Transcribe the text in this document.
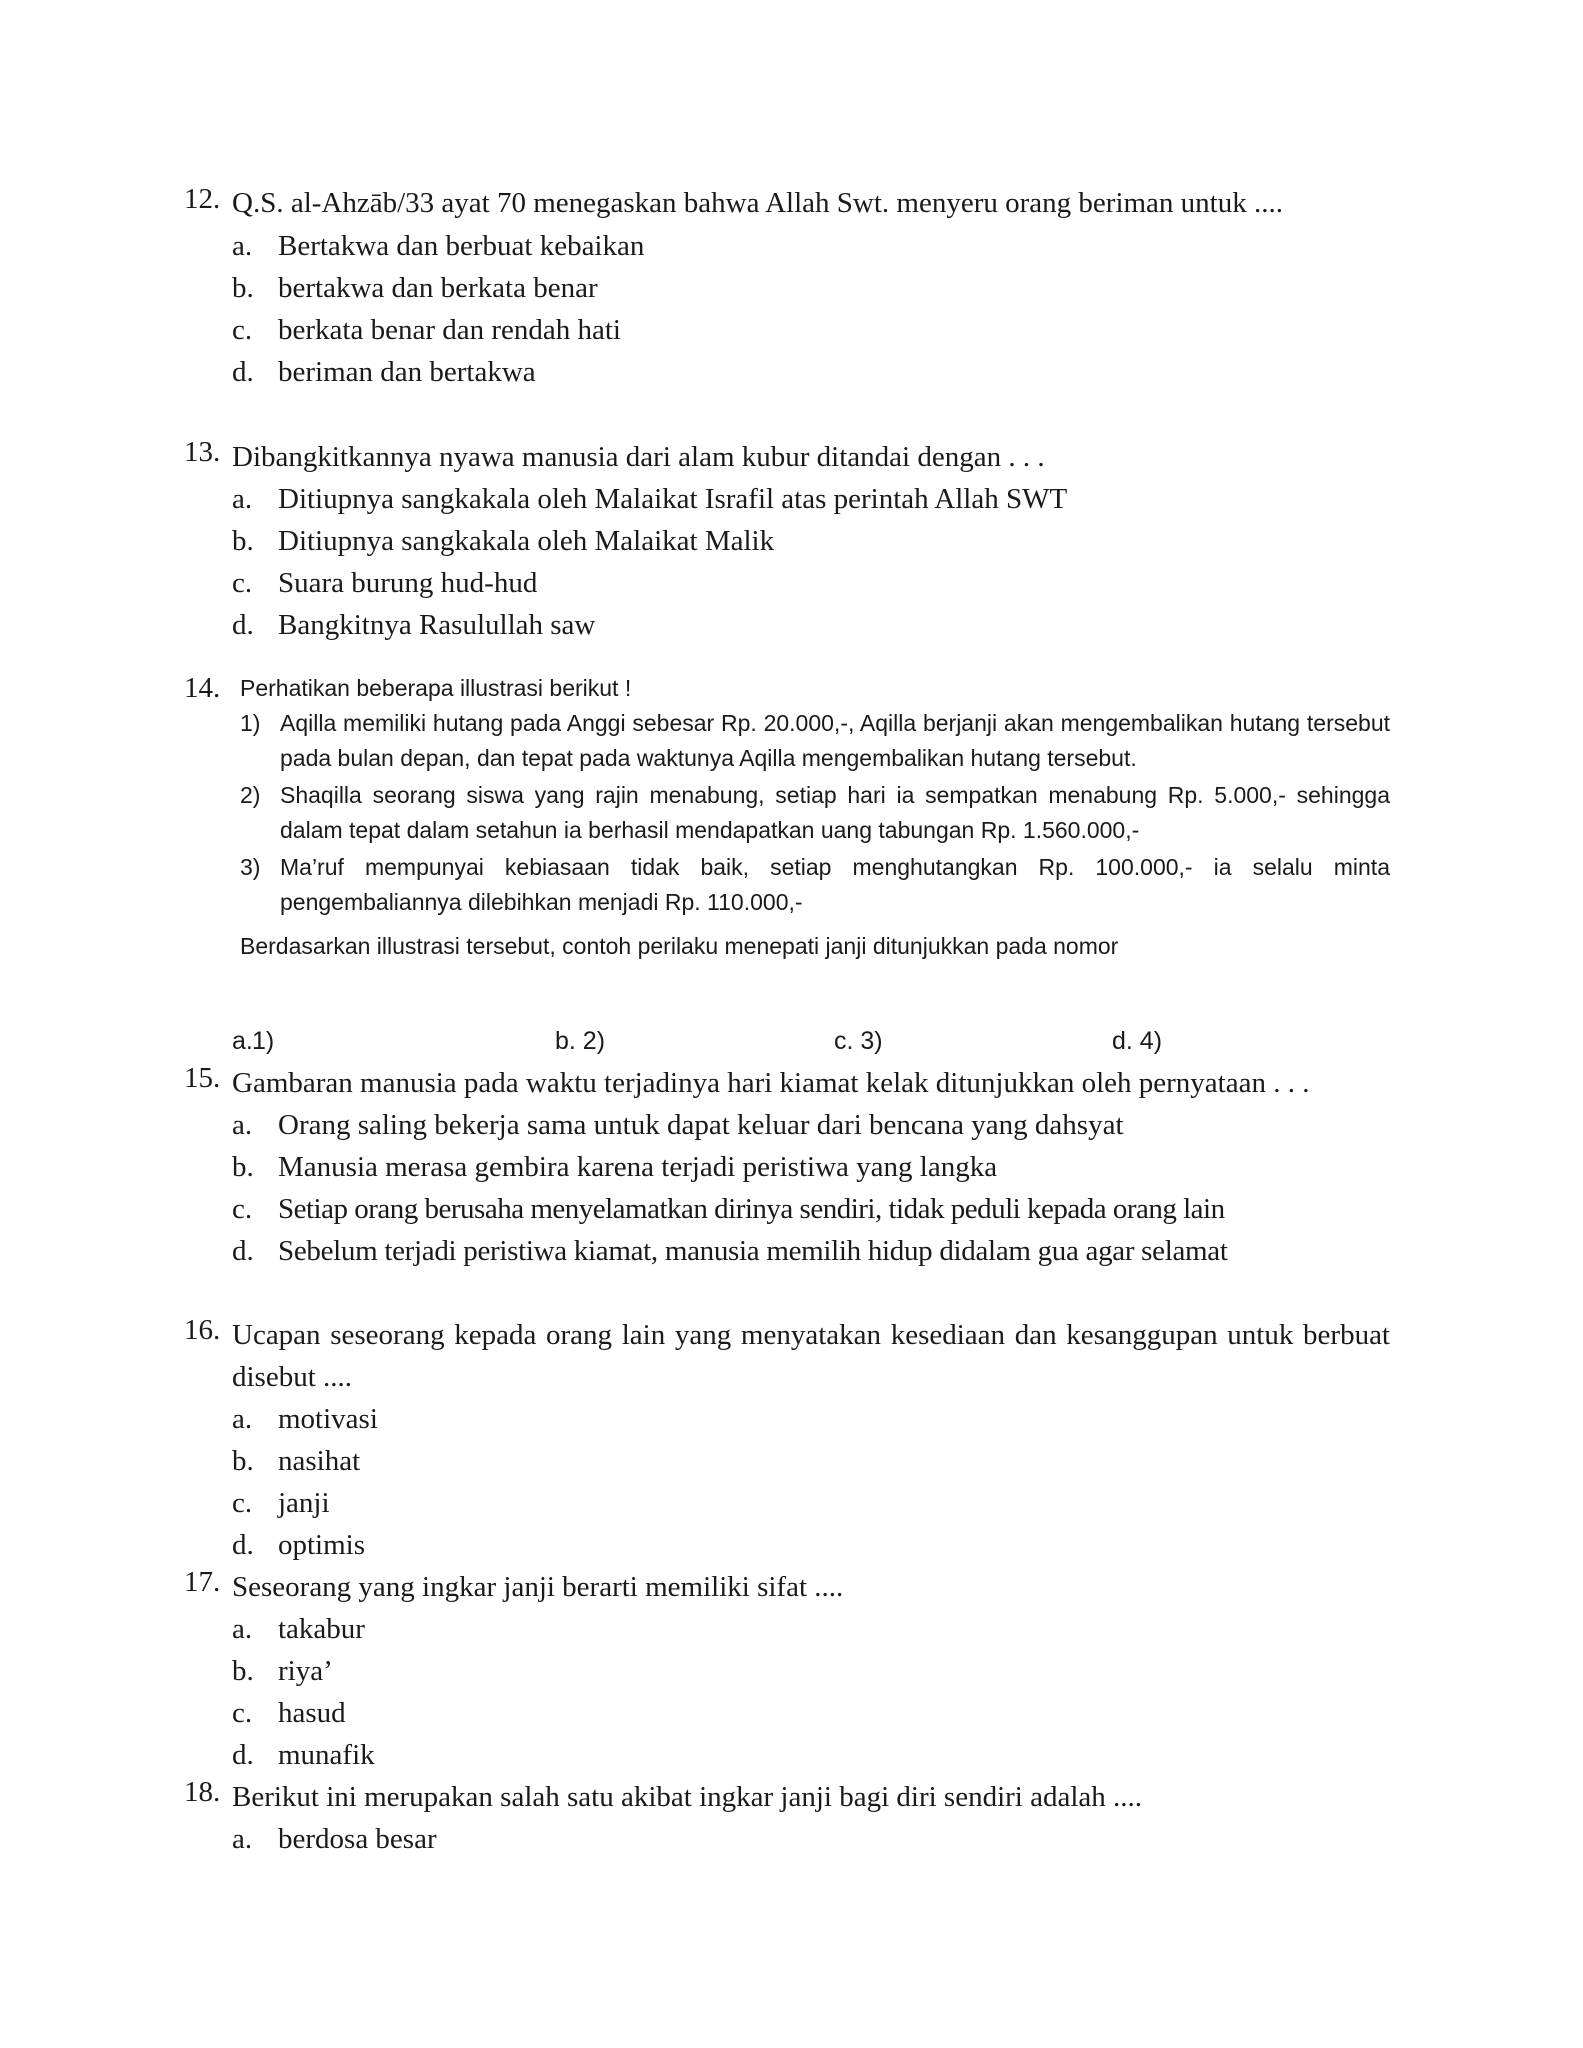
12. Q.S. al-Ahzāb/33 ayat 70 menegaskan bahwa Allah Swt. menyeru orang beriman untuk ....
a. Bertakwa dan berbuat kebaikan
b. bertakwa dan berkata benar
c. berkata benar dan rendah hati
d. beriman dan bertakwa
13. Dibangkitkannya nyawa manusia dari alam kubur ditandai dengan . . .
a. Ditiupnya sangkakala oleh Malaikat Israfil atas perintah Allah SWT
b. Ditiupnya sangkakala oleh Malaikat Malik
c. Suara burung hud-hud
d. Bangkitnya Rasulullah saw
14. Perhatikan beberapa illustrasi berikut !
1) Aqilla memiliki hutang pada Anggi sebesar Rp. 20.000,-, Aqilla berjanji akan mengembalikan hutang tersebut pada bulan depan, dan tepat pada waktunya Aqilla mengembalikan hutang tersebut.
2) Shaqilla seorang siswa yang rajin menabung, setiap hari ia sempatkan menabung Rp. 5.000,- sehingga dalam tepat dalam setahun ia berhasil mendapatkan uang tabungan Rp. 1.560.000,-
3) Ma’ruf mempunyai kebiasaan tidak baik, setiap menghutangkan Rp. 100.000,- ia selalu minta pengembaliannya dilebihkan menjadi Rp. 110.000,-
Berdasarkan illustrasi tersebut, contoh perilaku menepati janji ditunjukkan pada nomor
a. 1)	b. 2)	c. 3)	d. 4)
15. Gambaran manusia pada waktu terjadinya hari kiamat kelak ditunjukkan oleh pernyataan . . .
a. Orang saling bekerja sama untuk dapat keluar dari bencana yang dahsyat
b. Manusia merasa gembira karena terjadi peristiwa yang langka
c. Setiap orang berusaha menyelamatkan dirinya sendiri, tidak peduli kepada orang lain
d. Sebelum terjadi peristiwa kiamat, manusia memilih hidup didalam gua agar selamat
16. Ucapan seseorang kepada orang lain yang menyatakan kesediaan dan kesanggupan untuk berbuat disebut ....
a. motivasi
b. nasihat
c. janji
d. optimis
17. Seseorang yang ingkar janji berarti memiliki sifat ....
a. takabur
b. riya’
c. hasud
d. munafik
18. Berikut ini merupakan salah satu akibat ingkar janji bagi diri sendiri adalah ....
a. berdosa besar
